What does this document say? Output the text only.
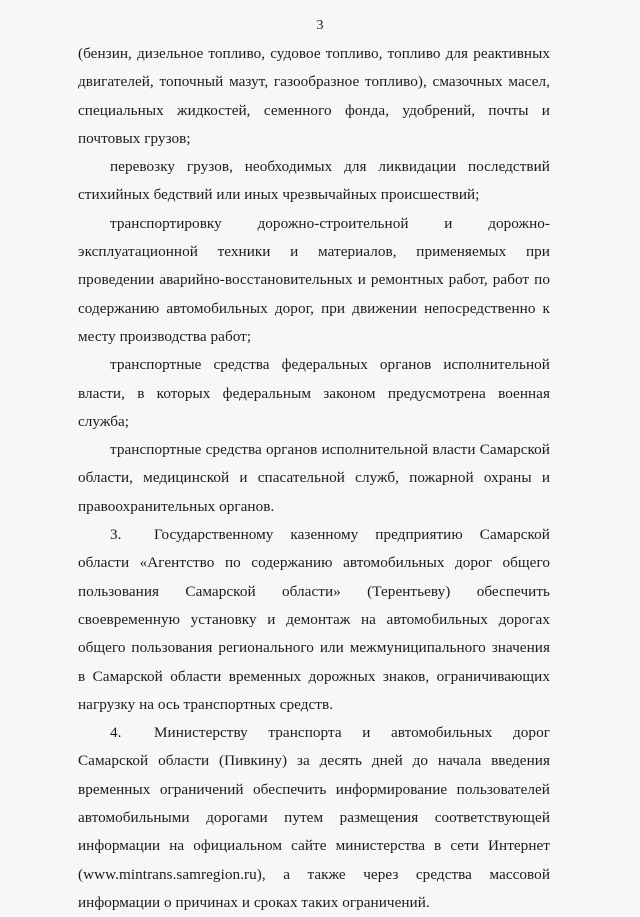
3

(бензин, дизельное топливо, судовое топливо, топливо для реактивных двигателей, топочный мазут, газообразное топливо), смазочных масел, специальных жидкостей, семенного фонда, удобрений, почты и почтовых грузов;

перевозку грузов, необходимых для ликвидации последствий стихийных бедствий или иных чрезвычайных происшествий;

транспортировку дорожно-строительной и дорожно-эксплуатационной техники и материалов, применяемых при проведении аварийно-восстановительных и ремонтных работ, работ по содержанию автомобильных дорог, при движении непосредственно к месту производства работ;

транспортные средства федеральных органов исполнительной власти, в которых федеральным законом предусмотрена военная служба;

транспортные средства органов исполнительной власти Самарской области, медицинской и спасательной служб, пожарной охраны и правоохранительных органов.

3. Государственному казенному предприятию Самарской области «Агентство по содержанию автомобильных дорог общего пользования Самарской области» (Терентьеву) обеспечить своевременную установку и демонтаж на автомобильных дорогах общего пользования регионального или межмуниципального значения в Самарской области временных дорожных знаков, ограничивающих нагрузку на ось транспортных средств.

4. Министерству транспорта и автомобильных дорог Самарской области (Пивкину) за десять дней до начала введения временных ограничений обеспечить информирование пользователей автомобильными дорогами путем размещения соответствующей информации на официальном сайте министерства в сети Интернет (www.mintrans.samregion.ru), а также через средства массовой информации о причинах и сроках таких ограничений.
